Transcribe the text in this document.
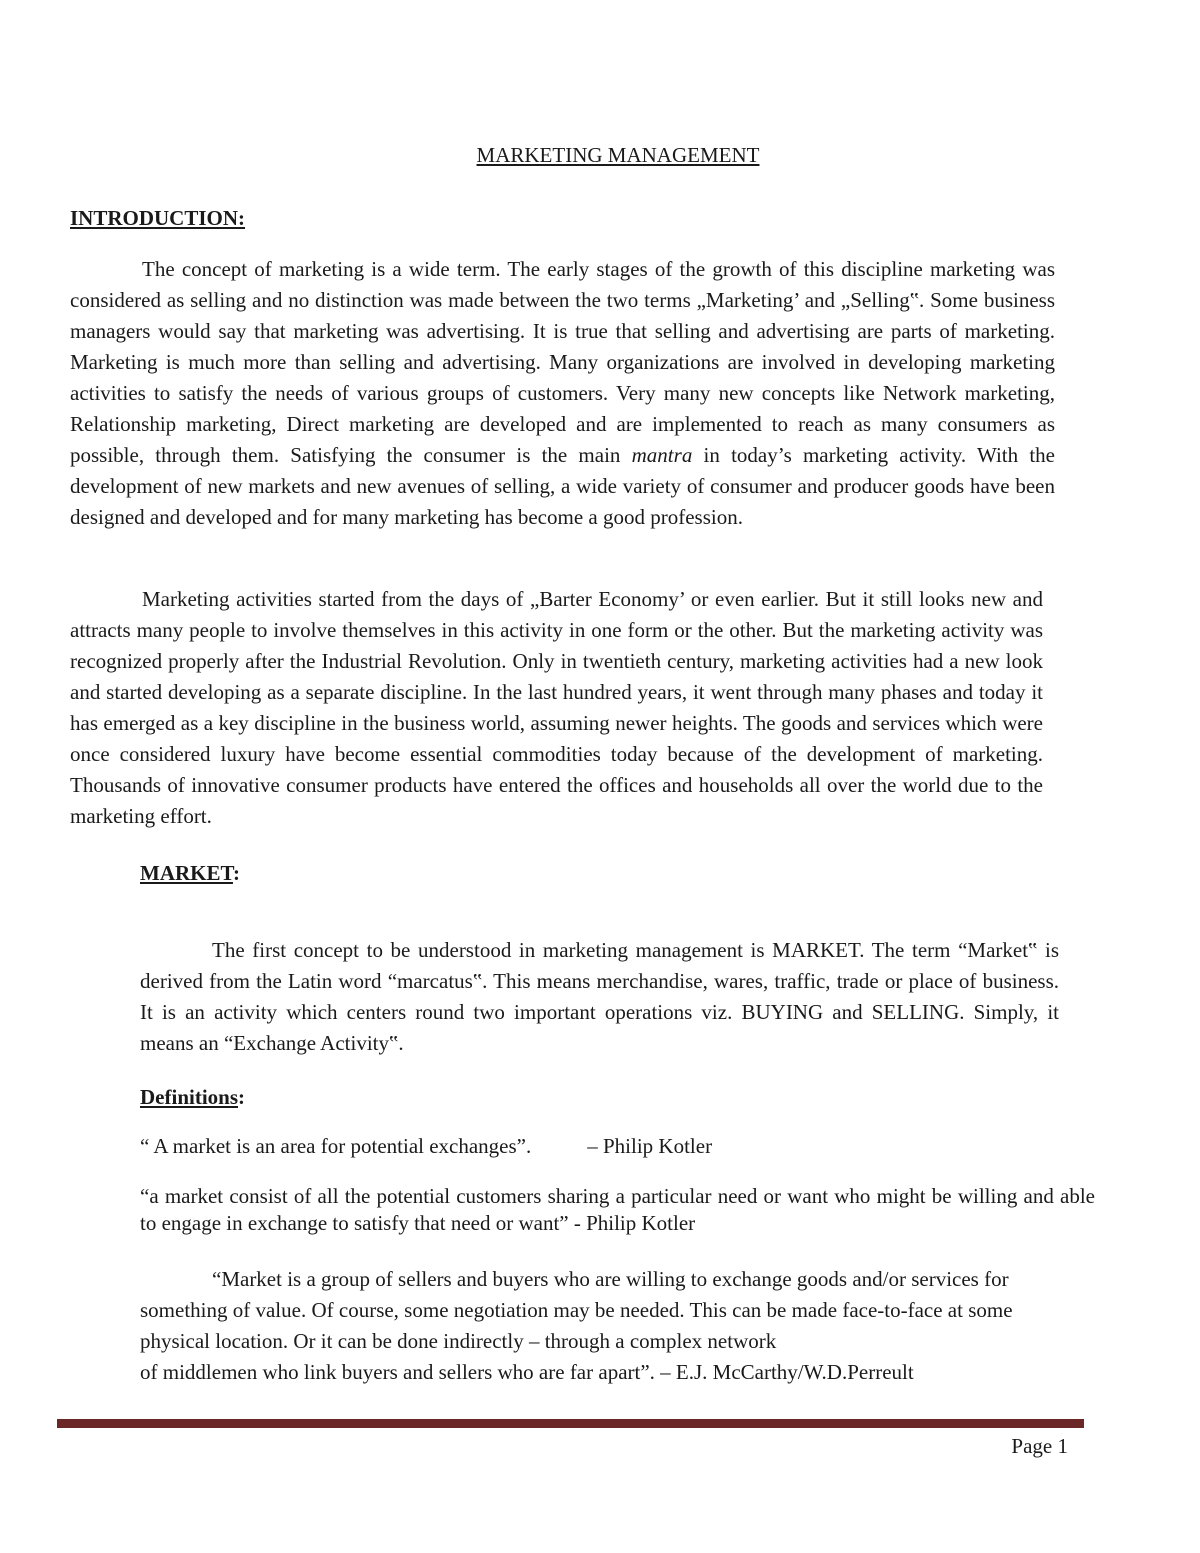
MARKETING MANAGEMENT
INTRODUCTION:

The concept of marketing is a wide term. The early stages of the growth of this discipline marketing was considered as selling and no distinction was made between the two terms „Marketing’ and „Selling‟. Some business managers would say that marketing was advertising. It is true that selling and advertising are parts of marketing. Marketing is much more than selling and advertising. Many organizations are involved in developing marketing activities to satisfy the needs of various groups of customers. Very many new concepts like Network marketing, Relationship marketing, Direct marketing are developed and are implemented to reach as many consumers as possible, through them. Satisfying the consumer is the main mantra in today’s marketing activity. With the development of new markets and new avenues of selling, a wide variety of consumer and producer goods have been designed and developed and for many marketing has become a good profession.

Marketing activities started from the days of „Barter Economy’ or even earlier. But it still looks new and attracts many people to involve themselves in this activity in one form or the other. But the marketing activity was recognized properly after the Industrial Revolution. Only in twentieth century, marketing activities had a new look and started developing as a separate discipline. In the last hundred years, it went through many phases and today it has emerged as a key discipline in the business world, assuming newer heights. The goods and services which were once considered luxury have become essential commodities today because of the development of marketing. Thousands of innovative consumer products have entered the offices and households all over the world due to the marketing effort.

MARKET:

The first concept to be understood in marketing management is MARKET. The term “Market‟ is derived from the Latin word “marcatus‟. This means merchandise, wares, traffic, trade or place of business. It is an activity which centers round two important operations viz. BUYING and SELLING. Simply, it means an “Exchange Activity‟.

Definitions:

“ A market is an area for potential exchanges”.	– Philip Kotler

“a market consist of all the potential customers sharing a particular need or want who might be willing and able to engage in exchange to satisfy that need or want” - Philip Kotler

“Market is a group of sellers and buyers who are willing to exchange goods and/or services for something of value. Of course, some negotiation may be needed. This can be made face-to-face at some physical location. Or it can be done indirectly – through a complex network
of middlemen who link buyers and sellers who are far apart”. – E.J. McCarthy/W.D.Perreult

Page 1
